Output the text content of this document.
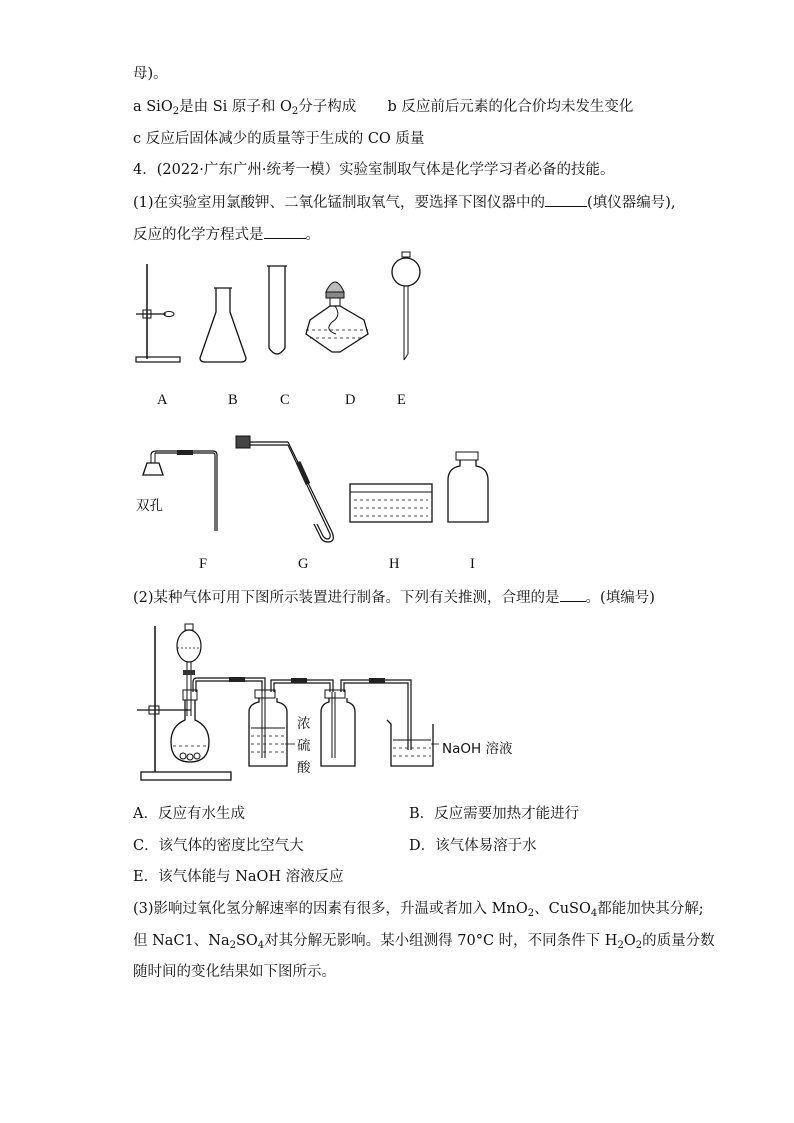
母)。
a SiO$_2$是由 Si 原子和 $O_2$分子构成 b 反应前后元素的化合价均未发生变化
c 反应后固体减少的质量等于生成的 CO 质量
4．(2022·广东广州·统考一模）实验室制取气体是化学学习者必备的技能。
(1)在实验室用氯酸钾、二氧化锰制取氧气，要选择下图仪器中的	(填仪器编号),
反应的化学方程式是	。
A	B	C	D	E
双孔
F	G	H	I
(2)某种气体可用下图所示装置进行制备。下列有关推测，合理的是 。(填编号)
浓
硫
酸
NaOH 溶液
A．反应有水生成	B．反应需要加热才能进行
C．该气体的密度比空气大	D．该气体易溶于水
E．该气体能与 NaOH 溶液反应
(3)影响过氧化氢分解速率的因素有很多，升温或者加入 MnO$_2$、CuSO$_4$都能加快其分解;
但 NaC1、$Na_2SO_4$对其分解无影响。某小组测得 70°C 时，不同条件下 $H_2O_2$的质量分数
随时间的变化结果如下图所示。
